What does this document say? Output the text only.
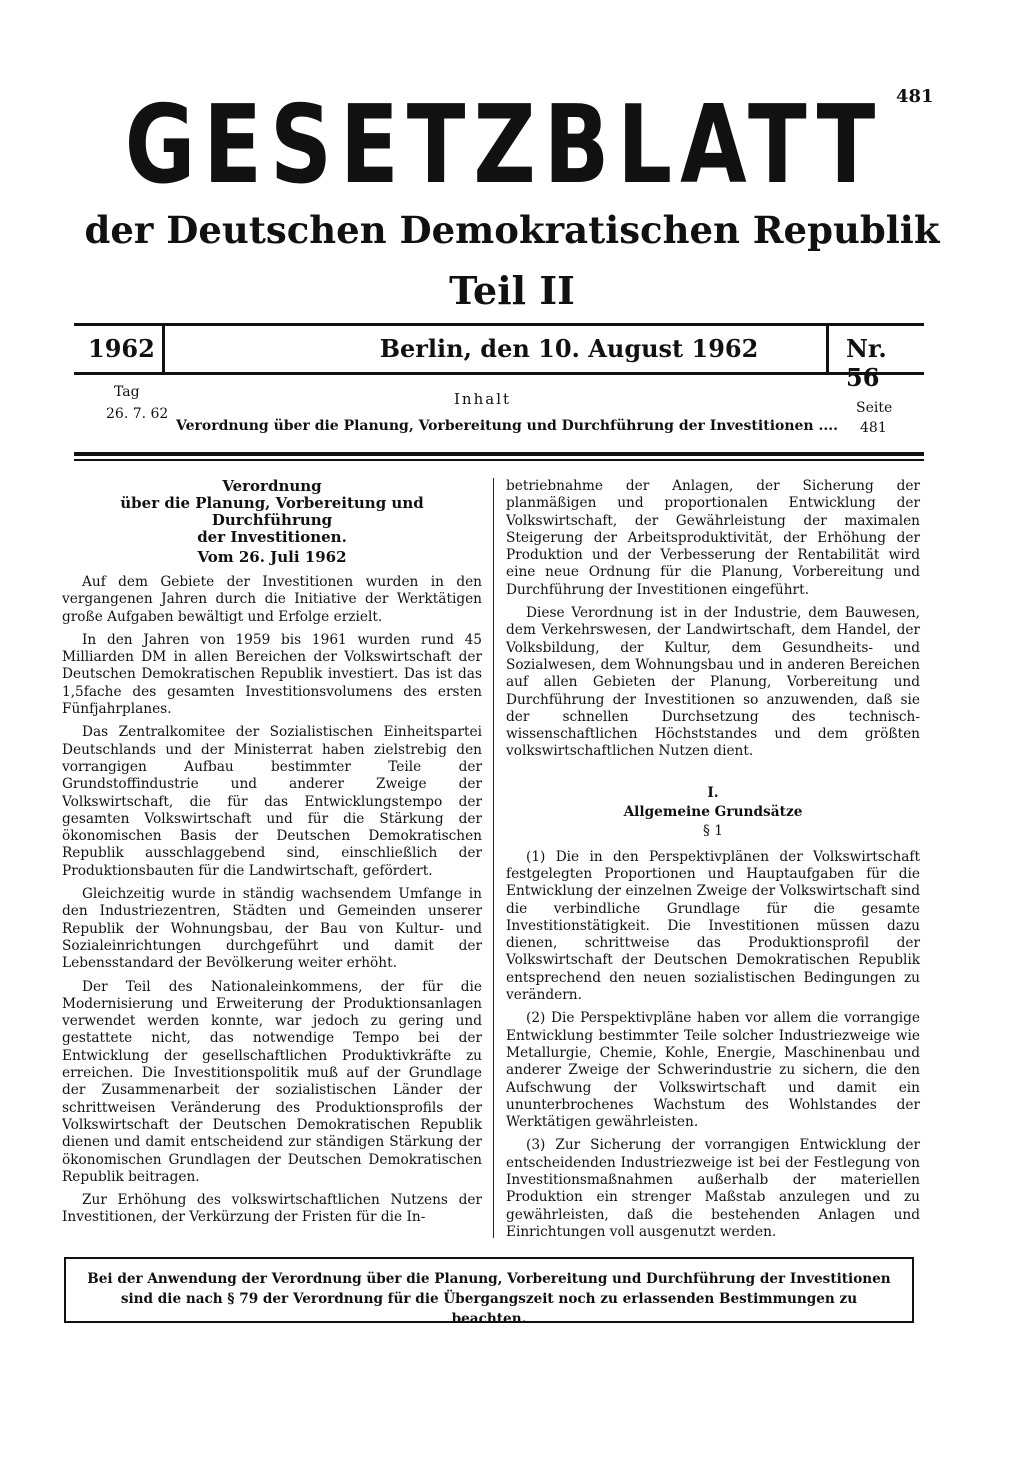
481
GESETZBLATT
der Deutschen Demokratischen Republik
Teil II
1962	Berlin, den 10. August 1962	Nr. 56
Tag
26. 7. 62
Inhalt
Verordnung über die Planung, Vorbereitung und Durchführung der Investitionen ....
Seite
481
Verordnung
über die Planung, Vorbereitung und Durchführung
der Investitionen.
Vom 26. Juli 1962

Auf dem Gebiete der Investitionen wurden in den vergangenen Jahren durch die Initiative der Werktätigen große Aufgaben bewältigt und Erfolge erzielt.

In den Jahren von 1959 bis 1961 wurden rund 45 Milliarden DM in allen Bereichen der Volkswirtschaft der Deutschen Demokratischen Republik investiert. Das ist das 1,5fache des gesamten Investitionsvolumens des ersten Fünfjahrplanes.

Das Zentralkomitee der Sozialistischen Einheitspartei Deutschlands und der Ministerrat haben zielstrebig den vorrangigen Aufbau bestimmter Teile der Grundstoffindustrie und anderer Zweige der Volkswirtschaft, die für das Entwicklungstempo der gesamten Volkswirtschaft und für die Stärkung der ökonomischen Basis der Deutschen Demokratischen Republik ausschlaggebend sind, einschließlich der Produktionsbauten für die Landwirtschaft, gefördert.

Gleichzeitig wurde in ständig wachsendem Umfange in den Industriezentren, Städten und Gemeinden unserer Republik der Wohnungsbau, der Bau von Kultur- und Sozialeinrichtungen durchgeführt und damit der Lebensstandard der Bevölkerung weiter erhöht.

Der Teil des Nationaleinkommens, der für die Modernisierung und Erweiterung der Produktionsanlagen verwendet werden konnte, war jedoch zu gering und gestattete nicht, das notwendige Tempo bei der Entwicklung der gesellschaftlichen Produktivkräfte zu erreichen. Die Investitionspolitik muß auf der Grundlage der Zusammenarbeit der sozialistischen Länder der schrittweisen Veränderung des Produktionsprofils der Volkswirtschaft der Deutschen Demokratischen Republik dienen und damit entscheidend zur ständigen Stärkung der ökonomischen Grundlagen der Deutschen Demokratischen Republik beitragen.

Zur Erhöhung des volkswirtschaftlichen Nutzens der Investitionen, der Verkürzung der Fristen für die In-

betriebnahme der Anlagen, der Sicherung der planmäßigen und proportionalen Entwicklung der Volkswirtschaft, der Gewährleistung der maximalen Steigerung der Arbeitsproduktivität, der Erhöhung der Produktion und der Verbesserung der Rentabilität wird eine neue Ordnung für die Planung, Vorbereitung und Durchführung der Investitionen eingeführt.

Diese Verordnung ist in der Industrie, dem Bauwesen, dem Verkehrswesen, der Landwirtschaft, dem Handel, der Volksbildung, der Kultur, dem Gesundheits- und Sozialwesen, dem Wohnungsbau und in anderen Bereichen auf allen Gebieten der Planung, Vorbereitung und Durchführung der Investitionen so anzuwenden, daß sie der schnellen Durchsetzung des technisch-wissenschaftlichen Höchststandes und dem größten volkswirtschaftlichen Nutzen dient.

I.
Allgemeine Grundsätze
§ 1

(1) Die in den Perspektivplänen der Volkswirtschaft festgelegten Proportionen und Hauptaufgaben für die Entwicklung der einzelnen Zweige der Volkswirtschaft sind die verbindliche Grundlage für die gesamte Investitionstätigkeit. Die Investitionen müssen dazu dienen, schrittweise das Produktionsprofil der Volkswirtschaft der Deutschen Demokratischen Republik entsprechend den neuen sozialistischen Bedingungen zu verändern.

(2) Die Perspektivpläne haben vor allem die vorrangige Entwicklung bestimmter Teile solcher Industriezweige wie Metallurgie, Chemie, Kohle, Energie, Maschinenbau und anderer Zweige der Schwerindustrie zu sichern, die den Aufschwung der Volkswirtschaft und damit ein ununterbrochenes Wachstum des Wohlstandes der Werktätigen gewährleisten.

(3) Zur Sicherung der vorrangigen Entwicklung der entscheidenden Industriezweige ist bei der Festlegung von Investitionsmaßnahmen außerhalb der materiellen Produktion ein strenger Maßstab anzulegen und zu gewährleisten, daß die bestehenden Anlagen und Einrichtungen voll ausgenutzt werden.

Bei der Anwendung der Verordnung über die Planung, Vorbereitung und Durchführung der Investitionen sind die nach § 79 der Verordnung für die Übergangszeit noch zu erlassenden Bestimmungen zu beachten.
